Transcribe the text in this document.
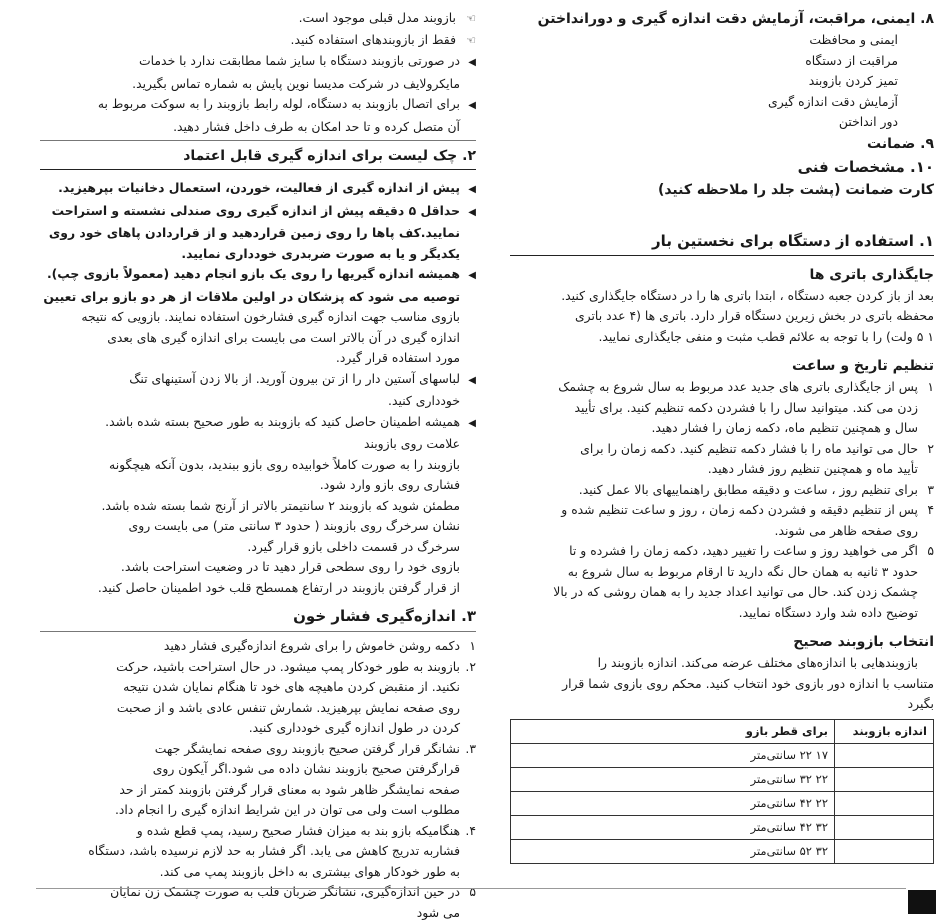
۸. ایمنی، مراقبت، آزمایش دقت اندازه گیری و دورانداختن
ایمنی و محافظت
مراقبت از دستگاه
تمیز کردن بازوبند
آزمایش دقت اندازه گیری
دور انداختن
۹. ضمانت
۱۰. مشخصات فنی
کارت ضمانت (پشت جلد را ملاحظه کنید)
۱. استفاده از دستگاه برای نخستین بار
جایگذاری باتری ها
بعد از باز کردن جعبه دستگاه ، ابتدا باتری ها را در دستگاه جایگذاری کنید.
محفظه باتری در بخش زیرین دستگاه قرار دارد. باتری ها (۴ عدد باتری
۱ ۵ ولت) را با توجه به علائم قطب مثبت و منفی جایگذاری نمایید.
تنظیم تاریخ و ساعت
۱پس از جایگذاری باتری های جدید عدد مربوط به سال شروع به چشمک
زدن می کند. میتوانید سال را با فشردن دکمه تنظیم کنید. برای تأیید
سال و همچنین تنظیم ماه، دکمه زمان را فشار دهید.
۲حال می توانید ماه را با فشار دکمه تنظیم کنید. دکمه زمان را برای
تأیید ماه و همچنین تنظیم روز فشار دهید.
۳برای تنظیم روز ، ساعت و دقیقه مطابق راهنماییهای بالا عمل کنید.
۴پس از تنظیم دقیقه و فشردن دکمه زمان ، روز و ساعت تنظیم شده و
روی صفحه ظاهر می شوند.
۵اگر می خواهید روز و ساعت را تغییر دهید، دکمه زمان را فشرده و تا
حدود ۳ ثانیه به همان حال نگه دارید تا ارقام مربوط به سال شروع به
چشمک زدن کند. حال می توانید اعداد جدید را به همان روشی که در بالا
توضیح داده شد وارد دستگاه نمایید.
انتخاب بازوبند صحیح
بازوبندهایی با اندازه‌های مختلف عرضه می‌کند. اندازه بازوبند را
متناسب با اندازه دور بازوی خود انتخاب کنید. محکم روی بازوی شما قرار
بگیرد
اندازه بازوبند	برای قطر بازو
	۱۷ ۲۲ سانتی‌متر
	۲۲ ۳۲ سانتی‌متر
	۲۲ ۴۲ سانتی‌متر
	۳۲ ۴۲ سانتی‌متر
	۳۲ ۵۲ سانتی‌متر
☜بازوبند مدل قبلی موجود است.
☜فقط از بازوبندهای استفاده کنید.
◀در صورتی بازوبند دستگاه با سایز شما مطابقت ندارد با خدمات
مایکرولایف در شرکت مدیسا نوین پایش به شماره تماس بگیرید.
◀برای اتصال بازوبند به دستگاه، لوله رابط بازوبند را به سوکت مربوط به
آن متصل کرده و تا حد امکان به طرف داخل فشار دهید.
۲. چک لیست برای اندازه گیری قابل اعتماد
◀پیش از اندازه گیری از فعالیت، خوردن، استعمال دخانیات بپرهیزید.
◀حداقل ۵ دقیقه پیش از اندازه گیری روی صندلی نشسته و استراحت
نمایید.کف پاها را روی زمین قراردهید و از قراردادن پاهای خود روی
یکدیگر و یا به صورت ضربدری خودداری نمایید.
◀همیشه اندازه گیریها را روی یک بازو انجام دهید (معمولاً بازوی چپ).
توصیه می شود که پزشکان در اولین ملاقات از هر دو بازو برای تعیین
بازوی مناسب جهت اندازه گیری فشارخون استفاده نمایند. بازویی که نتیجه
اندازه گیری در آن بالاتر است می بایست برای اندازه گیری های بعدی
مورد استفاده قرار گیرد.
◀لباسهای آستین دار را از تن بیرون آورید. از بالا زدن آستینهای تنگ
خودداری کنید.
◀همیشه اطمینان حاصل کنید که بازوبند به طور صحیح بسته شده باشد.
علامت روی بازوبند
بازوبند را به صورت کاملاً خوابیده روی بازو ببندید، بدون آنکه هیچگونه
فشاری روی بازو وارد شود.
مطمئن شوید که بازوبند ۲ سانتیمتر بالاتر از آرنج شما بسته شده باشد.
نشان سرخرگ روی بازوبند ( حدود ۳ سانتی متر) می بایست روی
سرخرگ در قسمت داخلی بازو قرار گیرد.
بازوی خود را روی سطحی قرار دهید تا در وضعیت استراحت باشد.
از قرار گرفتن بازوبند در ارتفاع همسطح قلب خود اطمینان حاصل کنید.
۳. اندازه‌گیری فشار خون
۱دکمه روشن خاموش را برای شروع اندازه‌گیری فشار دهید
۲.بازوبند به طور خودکار پمپ میشود. در حال استراحت باشید، حرکت
نکنید. از منقبض کردن ماهیچه های خود تا هنگام نمایان شدن نتیجه
روی صفحه نمایش بپرهیزید. شمارش تنفس عادی باشد و از صحبت
کردن در طول اندازه گیری خودداری کنید.
۳.نشانگر قرار گرفتن صحیح بازوبند روی صفحه نمایشگر جهت
قرارگرفتن صحیح بازوبند نشان داده می شود.اگر آیکون روی
صفحه نمایشگر ظاهر شود به معنای قرار گرفتن بازوبند کمتر از حد
مطلوب است ولی می توان در این شرایط اندازه گیری را انجام داد.
۴.هنگامیکه بازو بند به میزان فشار صحیح رسید، پمپ قطع شده و
فشاربه تدریج کاهش می یابد. اگر فشار به حد لازم نرسیده باشد، دستگاه
به طور خودکار هوای بیشتری به داخل بازوبند پمپ می کند.
۵در حین اندازه‌گیری، نشانگر ضربان قلب به صورت چشمک زن نمایان
می شود
